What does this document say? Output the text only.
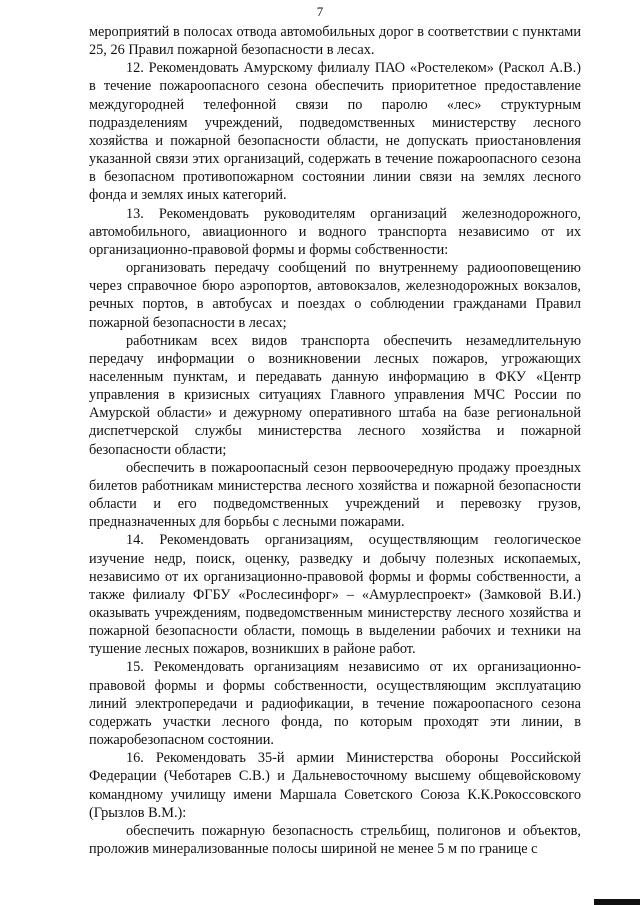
7

мероприятий в полосах отвода автомобильных дорог в соответствии с пунктами 25, 26 Правил пожарной безопасности в лесах.

12. Рекомендовать Амурскому филиалу ПАО «Ростелеком» (Раскол А.В.) в течение пожароопасного сезона обеспечить приоритетное предоставление междугородней телефонной связи по паролю «лес» структурным подразделениям учреждений, подведомственных министерству лесного хозяйства и пожарной безопасности области, не допускать приостановления указанной связи этих организаций, содержать в течение пожароопасного сезона в безопасном противопожарном состоянии линии связи на землях лесного фонда и землях иных категорий.

13. Рекомендовать руководителям организаций железнодорожного, автомобильного, авиационного и водного транспорта независимо от их организационно-правовой формы и формы собственности:

организовать передачу сообщений по внутреннему радиооповещению через справочное бюро аэропортов, автовокзалов, железнодорожных вокзалов, речных портов, в автобусах и поездах о соблюдении гражданами Правил пожарной безопасности в лесах;

работникам всех видов транспорта обеспечить незамедлительную передачу информации о возникновении лесных пожаров, угрожающих населенным пунктам, и передавать данную информацию в ФКУ «Центр управления в кризисных ситуациях Главного управления МЧС России по Амурской области» и дежурному оперативного штаба на базе региональной диспетчерской службы министерства лесного хозяйства и пожарной безопасности области;

обеспечить в пожароопасный сезон первоочередную продажу проездных билетов работникам министерства лесного хозяйства и пожарной безопасности области и его подведомственных учреждений и перевозку грузов, предназначенных для борьбы с лесными пожарами.

14. Рекомендовать организациям, осуществляющим геологическое изучение недр, поиск, оценку, разведку и добычу полезных ископаемых, независимо от их организационно-правовой формы и формы собственности, а также филиалу ФГБУ «Рослесинфорг» – «Амурлеспроект» (Замковой В.И.) оказывать учреждениям, подведомственным министерству лесного хозяйства и пожарной безопасности области, помощь в выделении рабочих и техники на тушение лесных пожаров, возникших в районе работ.

15. Рекомендовать организациям независимо от их организационно-правовой формы и формы собственности, осуществляющим эксплуатацию линий электропередачи и радиофикации, в течение пожароопасного сезона содержать участки лесного фонда, по которым проходят эти линии, в пожаробезопасном состоянии.

16. Рекомендовать 35-й армии Министерства обороны Российской Федерации (Чеботарев С.В.) и Дальневосточному высшему общевойсковому командному училищу имени Маршала Советского Союза К.К.Рокоссовского (Грызлов В.М.):

обеспечить пожарную безопасность стрельбищ, полигонов и объектов, проложив минерализованные полосы шириной не менее 5 м по границе с
